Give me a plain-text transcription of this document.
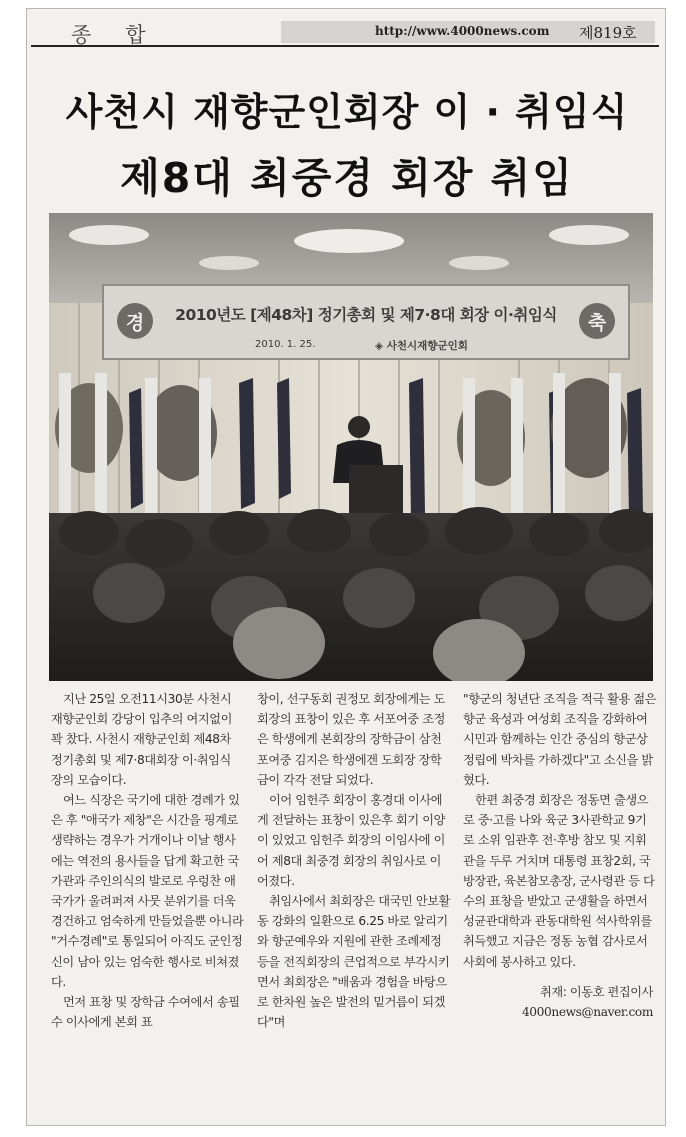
종합	http://www.4000news.com 제819호
사천시 재향군인회장 이 · 취임식
제8대 최중경 회장 취임
경	축
2010년도 [제48차] 정기총회 및 제7·8대 회장 이·취임식
2010. 1. 25.	◈ 사천시재향군인회

지난 25일 오전11시30분 사천시 재향군인회 강당이 입추의 여지없이 꽉 찼다. 사천시 재향군인회 제48차 정기총회 및 제7·8대회장 이·취임식 장의 모습이다.

여느 식장은 국기에 대한 경례가 있은 후 "애국가 제창"은 시간을 핑계로 생략하는 경우가 거개이나 이날 행사에는 역전의 용사들을 답게 확고한 국가관과 주인의식의 발로로 우렁찬 애국가가 울려퍼져 사뭇 분위기를 더욱 경건하고 엄숙하게 만들었을뿐 아니라 "거수경례"로 통일되어 아직도 군인정신이 남아 있는 엄숙한 행사로 비쳐졌다.

먼저 표창 및 장학금 수여에서 송필수 이사에게 본회 표

창이, 선구동회 권정모 회장에게는 도회장의 표창이 있은 후 서포여중 조정은 학생에게 본회장의 장학금이 삼천포여중 김지은 학생에겐 도회장 장학금이 각각 전달 되었다.

이어 임헌주 회장이 홍경대 이사에게 전달하는 표창이 있은후 회기 이양이 있었고 임헌주 회장의 이임사에 이어 제8대 최중경 회장의 취임사로 이어졌다.

취임사에서 최회장은 대국민 안보활동 강화의 일환으로 6.25 바로 알리기와 향군예우와 지원에 관한 조례제정 등을 전직회장의 큰업적으로 부각시키면서 최회장은 "배움과 경험을 바탕으로 한차원 높은 발전의 밑거름이 되겠다"며

"향군의 청년단 조직을 적극 활용 젊은 향군 육성과 여성회 조직을 강화하여 시민과 함께하는 인간 중심의 향군상 정립에 박차를 가하겠다"고 소신을 밝혔다.

한편 최중경 회장은 정동면 출생으로 중·고를 나와 육군 3사관학교 9기로 소위 임관후 전·후방 참모 및 지휘관을 두루 거치며 대통령 표창2회, 국방장관, 육본참모총장, 군사령관 등 다수의 표창을 받았고 군생활을 하면서 성균관대학과 관동대학원 석사학위를 취득했고 지금은 정동 농협 감사로서 사회에 봉사하고 있다.

취재: 이동호 편집이사
4000news@naver.com
